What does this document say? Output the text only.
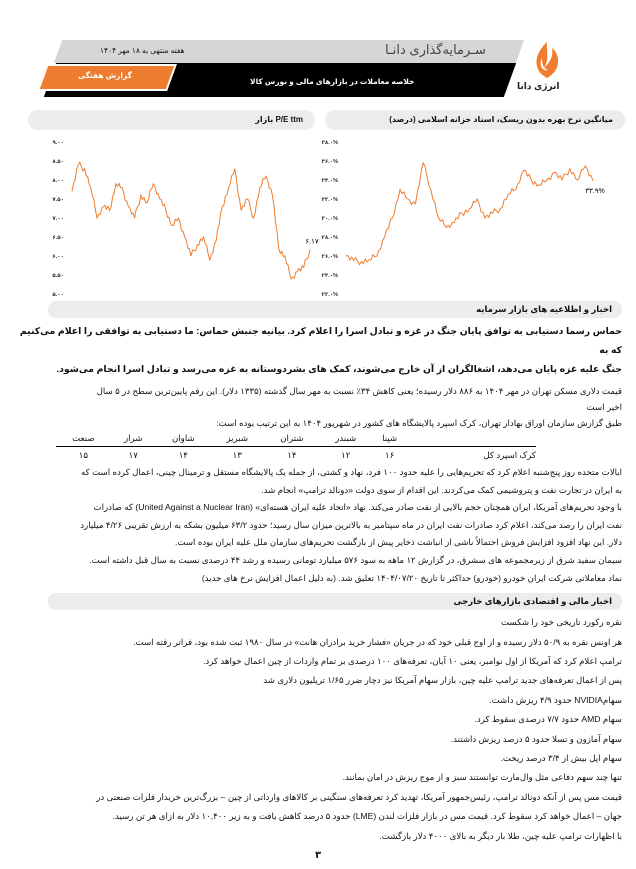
هفته منتهی به ۱۸ مهر ۱۴۰۴	سـرمایه‌گذاری دانـا
گزارش هفتگی
خلاصه معاملات در بازارهای مالی و بورس کالا	انرژی دانا
P/E ttm بازار	میانگین نرخ بهره بدون ریسک، اسناد خزانه اسلامی (درصد)
۹.۰۰
۸.۵۰
۸.۰۰
۷.۵۰
۷.۰۰
۶.۵۰
۶.۰۰
۵.۵۰
۵.۰۰
۶.۱۷
۳۸.۰%
۳۶.۰%
۳۴.۰%
۳۲.۰%
۳۰.۰%
۲۸.۰%
۲۶.۰%
۲۴.۰%
۲۲.۰%
۳۳.۹%
اخبار و اطلاعیه های بازار سرمایه
حماس رسما دستیابی به توافق پایان جنگ در غزه و تبادل اسرا را اعلام کرد. بیانیه جنبش حماس: ما دستیابی به توافقی را اعلام می‌کنیم که به
جنگ علیه غزه پایان می‌دهد، اشغالگران از آن خارج می‌شوند، کمک های بشردوستانه به غزه می‌رسد و تبادل اسرا انجام می‌شود.
قیمت دلاری مسکن تهران در مهر ۱۴۰۴ به ۸۸۶ دلار رسیده؛ یعنی کاهش ۳۴٪ نسبت به مهر سال گذشته (۱۳۳۵ دلار). این رقم پایین‌ترین سطح در ۵ سال
اخیر است
طبق گزارش سازمان اوراق بهادار تهران، کرک اسپرد پالایشگاه های کشور در شهریور ۱۴۰۴ به این ترتیب بوده است:
	شپنا	شبندر	شتران	شبریز	شاوان	شراز	صنعت
کرک اسپرد کل	۱۶	۱۲	۱۴	۱۳	۱۴	۱۷	۱۵
ایالات متحده روز پنج‌شنبه اعلام کرد که تحریم‌هایی را علیه حدود ۱۰۰ فرد، نهاد و کشتی، از جمله یک پالایشگاه مستقل و ترمینال چینی، اعمال کرده است که
به ایران در تجارت نفت و پتروشیمی کمک می‌کردند. این اقدام از سوی دولت «دونالد ترامپ» انجام شد.
با وجود تحریم‌های آمریکا، ایران همچنان حجم بالایی از نفت صادر می‌کند. نهاد «اتحاد علیه ایران هسته‌ای» (United Against a Nuclear Iran) که صادرات
نفت ایران را رصد می‌کند، اعلام کرد صادرات نفت ایران در ماه سپتامبر به بالاترین میزان سال رسید؛ حدود ۶۳/۲ میلیون بشکه به ارزش تقریبی ۴/۲۶ میلیارد
دلار. این نهاد افزود افزایش فروش احتمالاً ناشی از انباشت ذخایر پیش از بازگشت تحریم‌های سازمان ملل علیه ایران بوده است.
سیمان سفید شرق از زیرمجموعه های سشرق، در گزارش ۱۲ ماهه به سود ۵۷۶ میلیارد تومانی رسیده و رشد ۴۴ درصدی نسبت به سال قبل داشته است.
نماد معاملاتی شرکت ایران خودرو (خودرو) حداکثر تا تاریخ ۱۴۰۴/۰۷/۲۰ تعلیق شد. (به دلیل اعمال افزایش نرخ های جدید)
اخبار مالی و اقتصادی بازارهای خارجی
نقره رکورد تاریخی خود را شکست
هر اونس نقره به ۵۰/۹ دلار رسیده و از اوج قبلی خود که در جریان «فشار خرید برادران هانت» در سال ۱۹۸۰ ثبت شده بود، فراتر رفته است.
ترامپ اعلام کرد که آمریکا از اول نوامبر، یعنی ۱۰ آبان، تعرفه‌های ۱۰۰ درصدی بر تمام واردات از چین اعمال خواهد کرد.
پس از اعمال تعرفه‌های جدید ترامپ علیه چین، بازار سهام آمریکا نیز دچار ضرر ۱/۶۵ تریلیون دلاری شد
سهامNVIDIA حدود ۴/۹ ریزش داشت.
سهام AMD حدود ۷/۷ درصدی سقوط کرد.
سهام آمازون و تسلا حدود ۵ درصد ریزش داشتند.
سهام اپل بیش از ۳/۴ درصد ریخت.
تنها چند سهم دفاعی مثل وال‌مارت توانستند سبز و از موج ریزش در امان بمانند.
قیمت مس پس از آنکه دونالد ترامپ، رئیس‌جمهور آمریکا، تهدید کرد تعرفه‌های سنگینی بر کالاهای وارداتی از چین – بزرگ‌ترین خریدار فلزات صنعتی در
جهان – اعمال خواهد کرد سقوط کرد. قیمت مس در بازار فلزات لندن (LME) حدود ۵ درصد کاهش یافت و به زیر ۱۰,۴۰۰ دلار به ازای هر تن رسید.
با اظهارات ترامپ علیه چین، طلا بار دیگر به بالای ۴۰۰۰ دلار بازگشت.
۳
